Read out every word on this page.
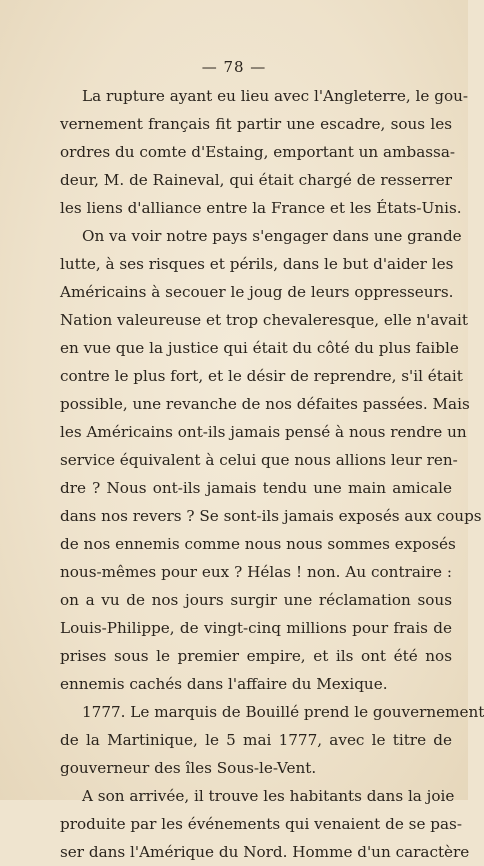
— 78 —
La rupture ayant eu lieu avec l'Angleterre, le gou-
vernement français fit partir une escadre, sous les
ordres du comte d'Estaing, emportant un ambassa-
deur, M. de Raineval, qui était chargé de resserrer
les liens d'alliance entre la France et les États-Unis.
On va voir notre pays s'engager dans une grande
lutte, à ses risques et périls, dans le but d'aider les
Américains à secouer le joug de leurs oppresseurs.
Nation valeureuse et trop chevaleresque, elle n'avait
en vue que la justice qui était du côté du plus faible
contre le plus fort, et le désir de reprendre, s'il était
possible, une revanche de nos défaites passées. Mais
les Américains ont-ils jamais pensé à nous rendre un
service équivalent à celui que nous allions leur ren-
dre ? Nous ont-ils jamais tendu une main amicale
dans nos revers ? Se sont-ils jamais exposés aux coups
de nos ennemis comme nous nous sommes exposés
nous-mêmes pour eux ? Hélas ! non. Au contraire :
on a vu de nos jours surgir une réclamation sous
Louis-Philippe, de vingt-cinq millions pour frais de
prises sous le premier empire, et ils ont été nos
ennemis cachés dans l'affaire du Mexique.
1777. Le marquis de Bouillé prend le gouvernement
de la Martinique, le 5 mai 1777, avec le titre de
gouverneur des îles Sous-le-Vent.
A son arrivée, il trouve les habitants dans la joie
produite par les événements qui venaient de se pas-
ser dans l'Amérique du Nord. Homme d'un caractère
